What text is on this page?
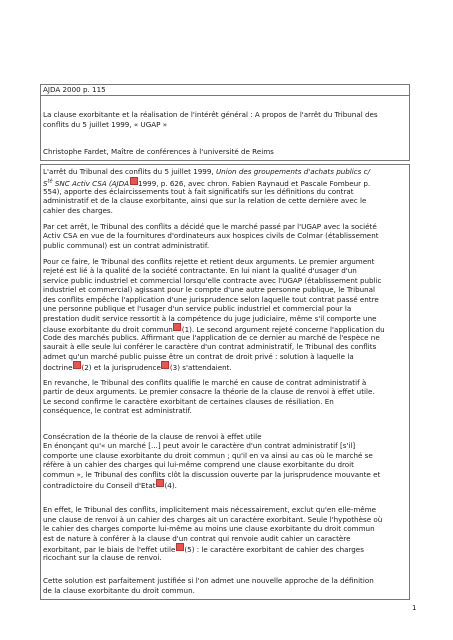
AJDA 2000 p. 115

La clause exorbitante et la réalisation de l'intérêt général : A propos de l'arrêt du Tribunal des

conflits du 5 juillet 1999, « UGAP »

Christophe Fardet, Maître de conférences à l'université de Reims

L'arrêt du Tribunal des conflits du 5 juillet 1999, Union des groupements d'achats publics c/

$S^{té}$ SNC Activ CSA (AJDA 1999, p. 626, avec chron. Fabien Raynaud et Pascale Fombeur p.

554), apporte des éclaircissements tout à fait significatifs sur les définitions du contrat

administratif et de la clause exorbitante, ainsi que sur la relation de cette dernière avec le

cahier des charges.

Par cet arrêt, le Tribunal des conflits a décidé que le marché passé par l'UGAP avec la société

Activ CSA en vue de la fournitures d'ordinateurs aux hospices civils de Colmar (établissement

public communal) est un contrat administratif.

Pour ce faire, le Tribunal des conflits rejette et retient deux arguments. Le premier argument

rejeté est lié à la qualité de la société contractante. En lui niant la qualité d'usager d'un

service public industriel et commercial lorsqu'elle contracte avec l'UGAP (établissement public

industriel et commercial) agissant pour le compte d'une autre personne publique, le Tribunal

des conflits empêche l'application d'une jurisprudence selon laquelle tout contrat passé entre

une personne publique et l'usager d'un service public industriel et commercial pour la

prestation dudit service ressortit à la compétence du juge judiciaire, même s'il comporte une

clause exorbitante du droit commun (1). Le second argument rejeté concerne l'application du

Code des marchés publics. Affirmant que l'application de ce dernier au marché de l'espèce ne

saurait à elle seule lui conférer le caractère d'un contrat administratif, le Tribunal des conflits

admet qu'un marché public puisse être un contrat de droit privé : solution à laquelle la

doctrine (2) et la jurisprudence (3) s'attendaient.

En revanche, le Tribunal des conflits qualifie le marché en cause de contrat administratif à

partir de deux arguments. Le premier consacre la théorie de la clause de renvoi à effet utile.

Le second confirme le caractère exorbitant de certaines clauses de résiliation. En

conséquence, le contrat est administratif.

Consécration de la théorie de la clause de renvoi à effet utile

En énonçant qu'« un marché [...] peut avoir le caractère d'un contrat administratif [s'il]

comporte une clause exorbitante du droit commun ; qu'il en va ainsi au cas où le marché se

réfère à un cahier des charges qui lui-même comprend une clause exorbitante du droit

commun », le Tribunal des conflits clôt la discussion ouverte par la jurisprudence mouvante et

contradictoire du Conseil d'Etat (4).

En effet, le Tribunal des conflits, implicitement mais nécessairement, exclut qu'en elle-même

une clause de renvoi à un cahier des charges ait un caractère exorbitant. Seule l'hypothèse où

le cahier des charges comporte lui-même au moins une clause exorbitante du droit commun

est de nature à conférer à la clause d'un contrat qui renvoie audit cahier un caractère

exorbitant, par le biais de l'effet utile (5) : le caractère exorbitant de cahier des charges

ricochant sur la clause de renvoi.

Cette solution est parfaitement justifiée si l'on admet une nouvelle approche de la définition

de la clause exorbitante du droit commun.

1
